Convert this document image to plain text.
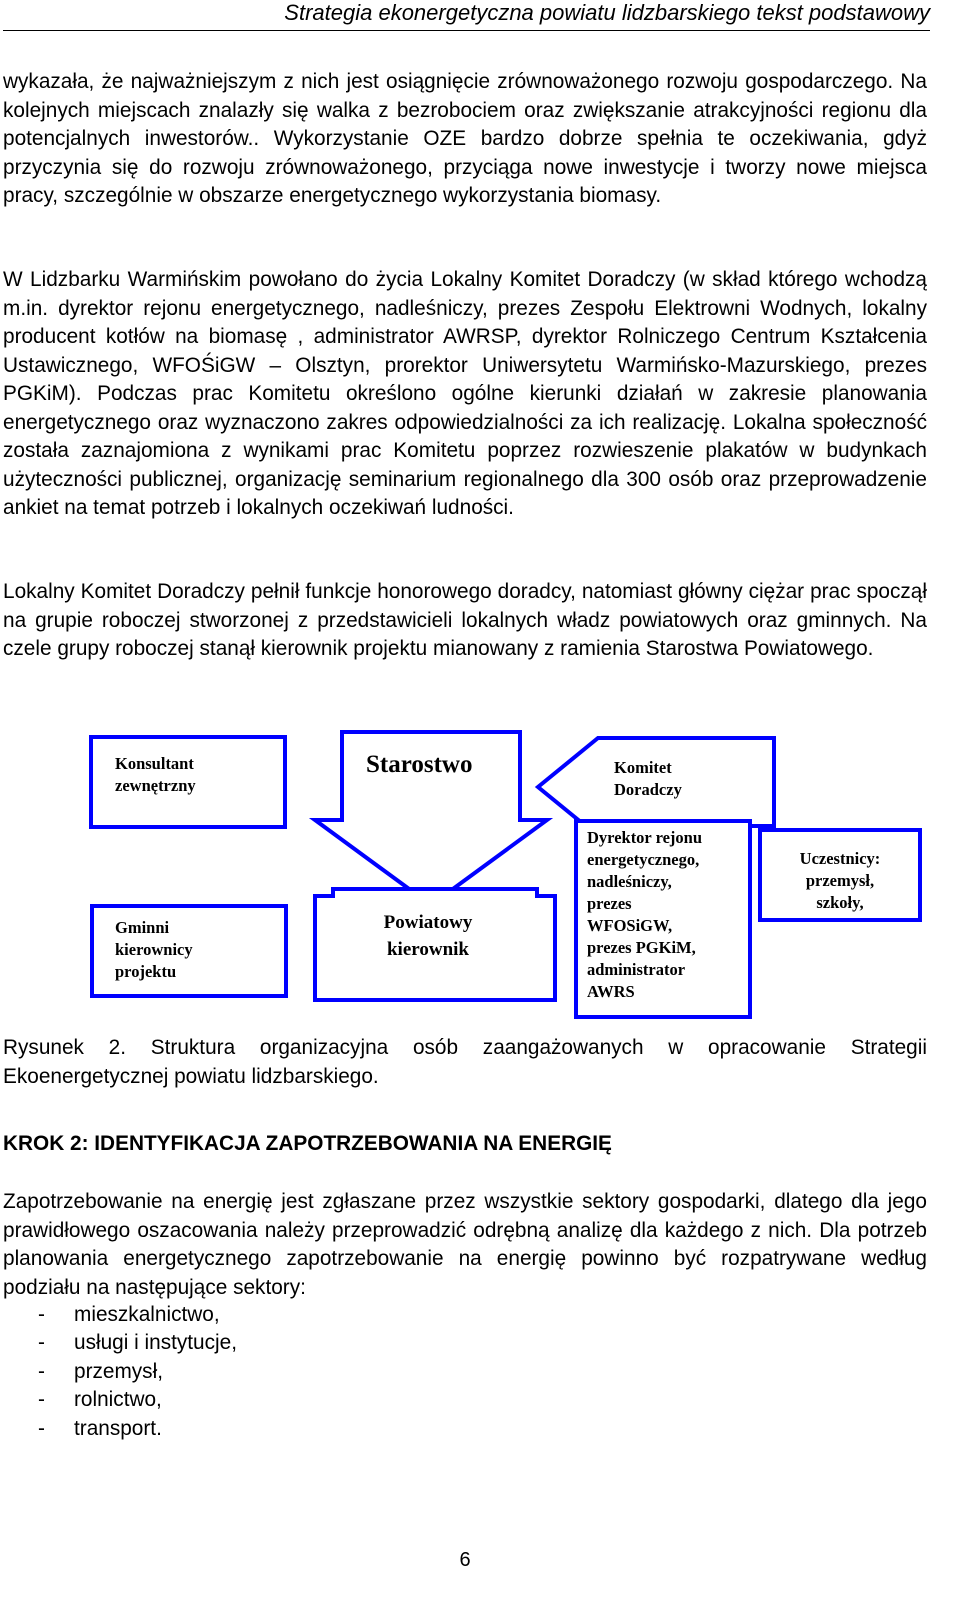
Strategia ekonergetyczna powiatu lidzbarskiego tekst podstawowy

wykazała, że najważniejszym z nich jest osiągnięcie zrównoważonego rozwoju gospodarczego. Na kolejnych miejscach znalazły się walka z bezrobociem oraz zwiększanie atrakcyjności regionu dla potencjalnych inwestorów.. Wykorzystanie OZE bardzo dobrze spełnia te oczekiwania, gdyż przyczynia się do rozwoju zrównoważonego, przyciąga nowe inwestycje i tworzy nowe miejsca pracy, szczególnie w obszarze energetycznego wykorzystania biomasy.

W Lidzbarku Warmińskim powołano do życia Lokalny Komitet Doradczy (w skład którego wchodzą m.in. dyrektor rejonu energetycznego, nadleśniczy, prezes Zespołu Elektrowni Wodnych, lokalny producent kotłów na biomasę , administrator AWRSP, dyrektor Rolniczego Centrum Kształcenia Ustawicznego, WFOŚiGW – Olsztyn, prorektor Uniwersytetu Warmińsko-Mazurskiego, prezes PGKiM). Podczas prac Komitetu określono ogólne kierunki działań w zakresie planowania energetycznego oraz wyznaczono zakres odpowiedzialności za ich realizację. Lokalna społeczność została zaznajomiona z wynikami prac Komitetu poprzez rozwieszenie plakatów w budynkach użyteczności publicznej, organizację seminarium regionalnego dla 300 osób oraz przeprowadzenie ankiet na temat potrzeb i lokalnych oczekiwań ludności.

Lokalny Komitet Doradczy pełnił funkcje honorowego doradcy, natomiast główny ciężar prac spoczął na grupie roboczej stworzonej z przedstawicieli lokalnych władz powiatowych oraz gminnych. Na czele grupy roboczej stanął kierownik projektu mianowany z ramienia Starostwa Powiatowego.

Konsultant
zewnętrzny

Starostwo	Komitet
Doradczy

Gminni
kierownicy
projektu

Powiatowy
kierownik

Dyrektor rejonu
energetycznego,
nadleśniczy,
prezes
WFOSiGW,
prezes PGKiM,
administrator
AWRS

Uczestnicy:
przemysł,
szkoły,

Rysunek 2. Struktura organizacyjna osób zaangażowanych w opracowanie Strategii Ekoenergetycznej powiatu lidzbarskiego.

KROK 2: IDENTYFIKACJA ZAPOTRZEBOWANIA NA ENERGIĘ

Zapotrzebowanie na energię jest zgłaszane przez wszystkie sektory gospodarki, dlatego dla jego prawidłowego oszacowania należy przeprowadzić odrębną analizę dla każdego z nich. Dla potrzeb planowania energetycznego zapotrzebowanie na energię powinno być rozpatrywane według podziału na następujące sektory:

- mieszkalnictwo,
- usługi i instytucje,
- przemysł,
- rolnictwo,
- transport.
6
